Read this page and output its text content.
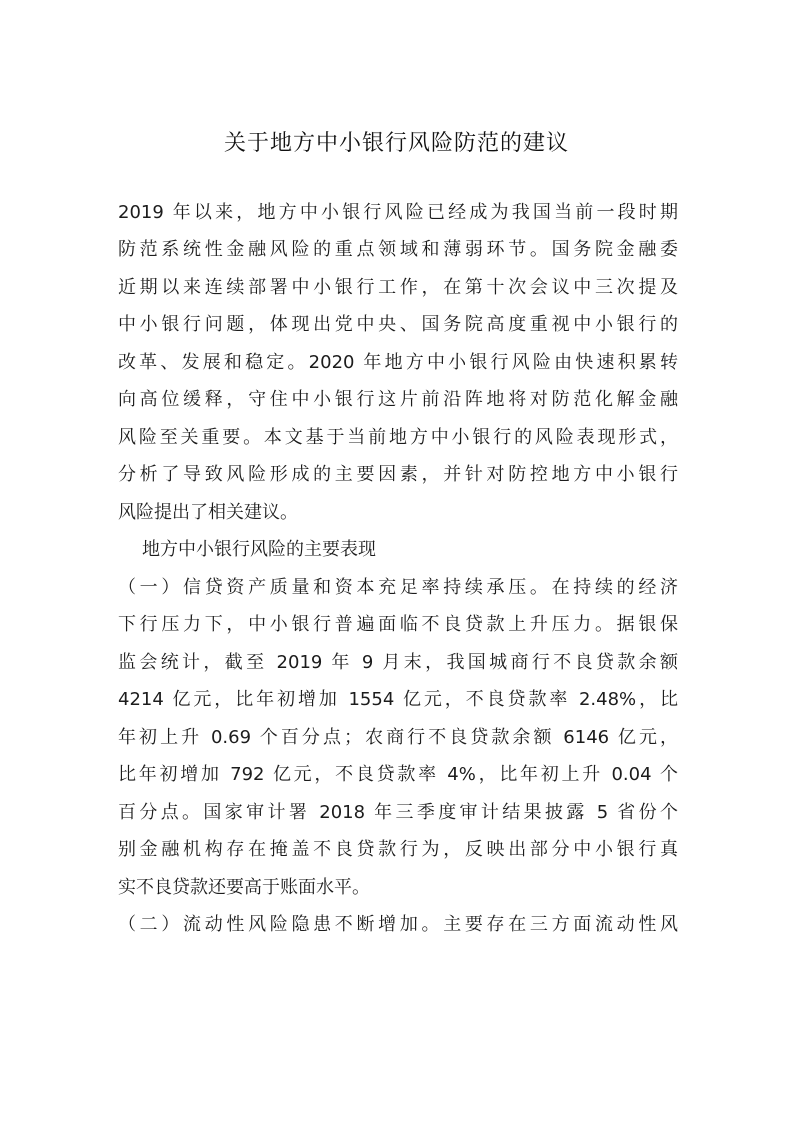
关于地方中小银行风险防范的建议
2019 年以来，地方中小银行风险已经成为我国当前一段时期
防范系统性金融风险的重点领域和薄弱环节。国务院金融委
近期以来连续部署中小银行工作，在第十次会议中三次提及
中小银行问题，体现出党中央、国务院高度重视中小银行的
改革、发展和稳定。2020 年地方中小银行风险由快速积累转
向高位缓释，守住中小银行这片前沿阵地将对防范化解金融
风险至关重要。本文基于当前地方中小银行的风险表现形式，
分析了导致风险形成的主要因素，并针对防控地方中小银行
风险提出了相关建议。
地方中小银行风险的主要表现
（一）信贷资产质量和资本充足率持续承压。在持续的经济
下行压力下，中小银行普遍面临不良贷款上升压力。据银保
监会统计，截至 2019 年 9 月末，我国城商行不良贷款余额
4214 亿元，比年初增加 1554 亿元，不良贷款率 2.48%，比
年初上升 0.69 个百分点；农商行不良贷款余额 6146 亿元，
比年初增加 792 亿元，不良贷款率 4%，比年初上升 0.04 个
百分点。国家审计署 2018 年三季度审计结果披露 5 省份个
别金融机构存在掩盖不良贷款行为，反映出部分中小银行真
实不良贷款还要高于账面水平。
（二）流动性风险隐患不断增加。主要存在三方面流动性风
